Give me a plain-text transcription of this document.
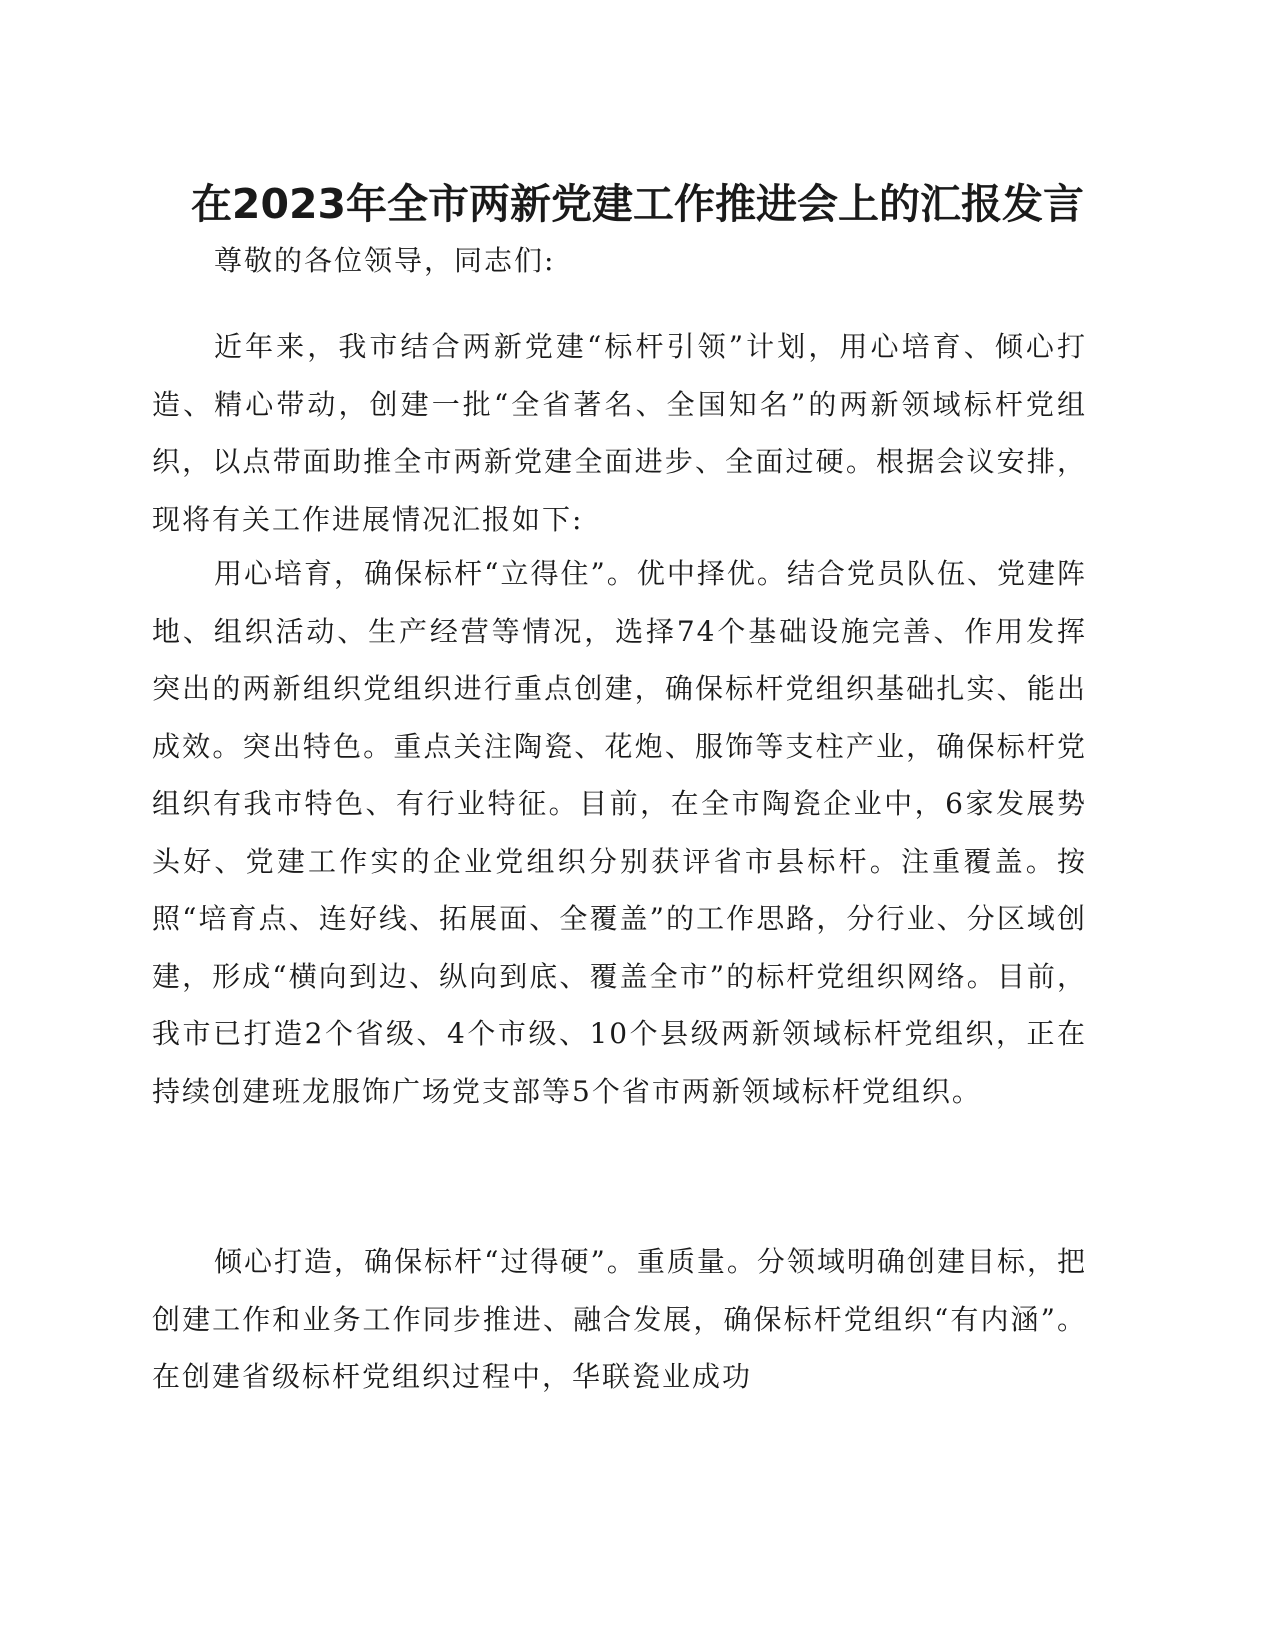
在2023年全市两新党建工作推进会上的汇报发言

尊敬的各位领导，同志们:

近年来，我市结合两新党建“标杆引领”计划，用心培育、倾心打造、精心带动，创建一批“全省著名、全国知名”的两新领域标杆党组织，以点带面助推全市两新党建全面进步、全面过硬。根据会议安排，现将有关工作进展情况汇报如下:

用心培育，确保标杆“立得住”。优中择优。结合党员队伍、党建阵地、组织活动、生产经营等情况，选择74个基础设施完善、作用发挥突出的两新组织党组织进行重点创建，确保标杆党组织基础扎实、能出成效。突出特色。重点关注陶瓷、花炮、服饰等支柱产业，确保标杆党组织有我市特色、有行业特征。目前，在全市陶瓷企业中，6家发展势头好、党建工作实的企业党组织分别获评省市县标杆。注重覆盖。按照“培育点、连好线、拓展面、全覆盖”的工作思路，分行业、分区域创建，形成“横向到边、纵向到底、覆盖全市”的标杆党组织网络。目前，我市已打造2个省级、4个市级、10个县级两新领域标杆党组织，正在持续创建班龙服饰广场党支部等5个省市两新领域标杆党组织。

倾心打造，确保标杆“过得硬”。重质量。分领域明确创建目标，把创建工作和业务工作同步推进、融合发展，确保标杆党组织“有内涵”。在创建省级标杆党组织过程中，华联瓷业成功
